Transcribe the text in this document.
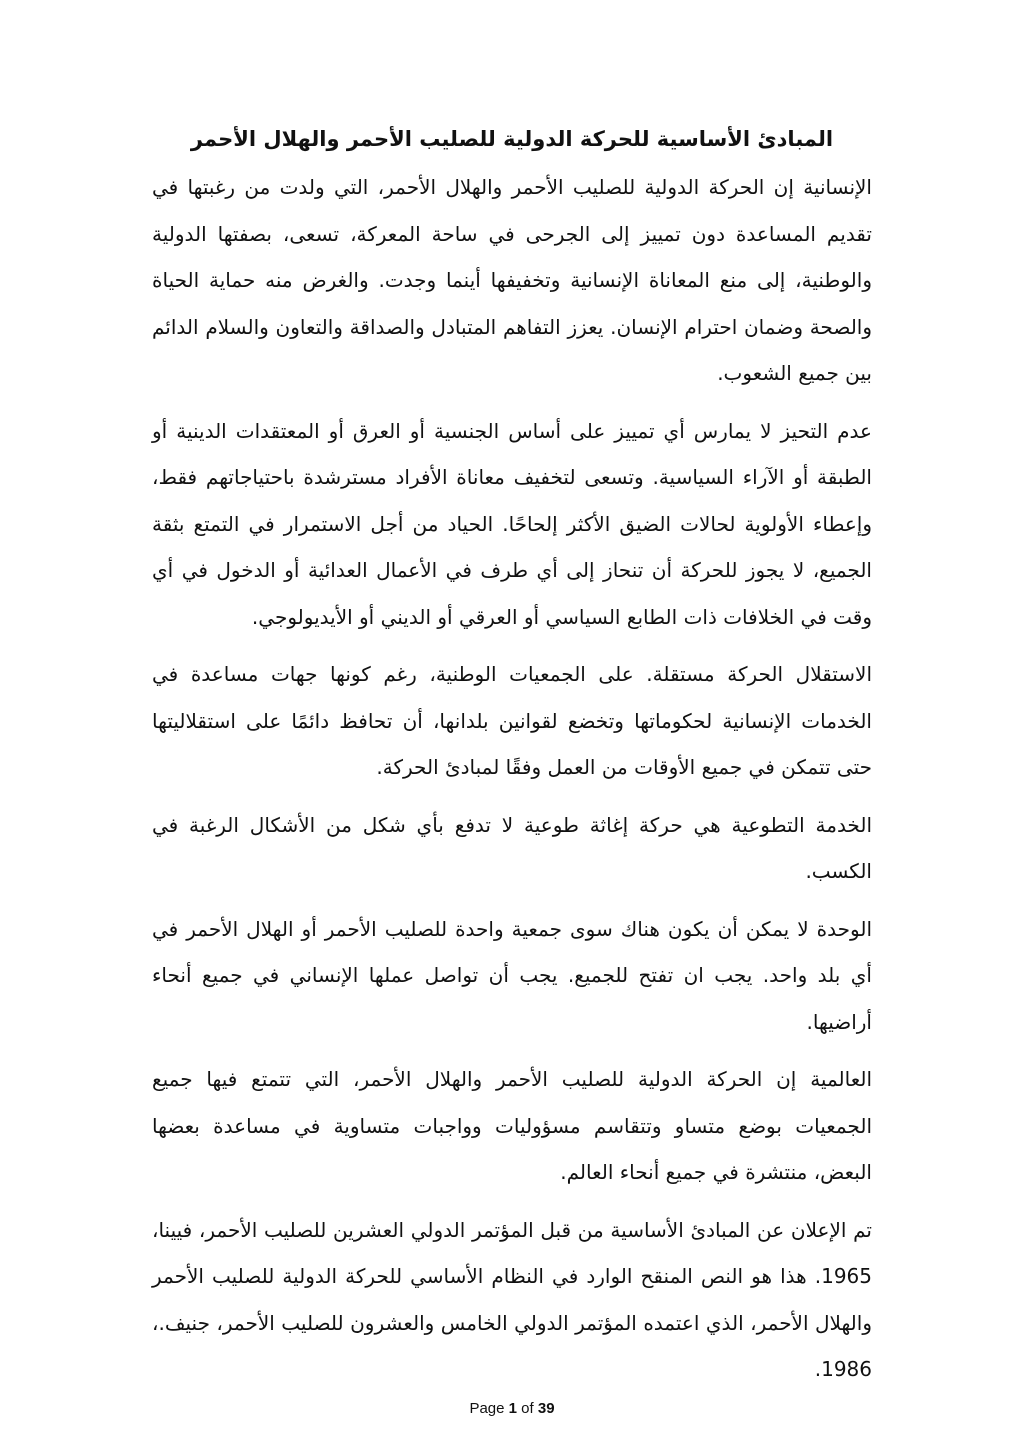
المبادئ الأساسية للحركة الدولية للصليب الأحمر والهلال الأحمر

الإنسانية إن الحركة الدولية للصليب الأحمر والهلال الأحمر، التي ولدت من رغبتها في تقديم المساعدة دون تمييز إلى الجرحى في ساحة المعركة، تسعى، بصفتها الدولية والوطنية، إلى منع المعاناة الإنسانية وتخفيفها أينما وجدت. والغرض منه حماية الحياة والصحة وضمان احترام الإنسان. يعزز التفاهم المتبادل والصداقة والتعاون والسلام الدائم بين جميع الشعوب.

عدم التحيز لا يمارس أي تمييز على أساس الجنسية أو العرق أو المعتقدات الدينية أو الطبقة أو الآراء السياسية. وتسعى لتخفيف معاناة الأفراد مسترشدة باحتياجاتهم فقط، وإعطاء الأولوية لحالات الضيق الأكثر إلحاحًا. الحياد من أجل الاستمرار في التمتع بثقة الجميع، لا يجوز للحركة أن تنحاز إلى أي طرف في الأعمال العدائية أو الدخول في أي وقت في الخلافات ذات الطابع السياسي أو العرقي أو الديني أو الأيديولوجي.

الاستقلال الحركة مستقلة. على الجمعيات الوطنية، رغم كونها جهات مساعدة في الخدمات الإنسانية لحكوماتها وتخضع لقوانين بلدانها، أن تحافظ دائمًا على استقلاليتها حتى تتمكن في جميع الأوقات من العمل وفقًا لمبادئ الحركة.

الخدمة التطوعية هي حركة إغاثة طوعية لا تدفع بأي شكل من الأشكال الرغبة في الكسب.

الوحدة لا يمكن أن يكون هناك سوى جمعية واحدة للصليب الأحمر أو الهلال الأحمر في أي بلد واحد. يجب ان تفتح للجميع. يجب أن تواصل عملها الإنساني في جميع أنحاء أراضيها.

العالمية إن الحركة الدولية للصليب الأحمر والهلال الأحمر، التي تتمتع فيها جميع الجمعيات بوضع متساو وتتقاسم مسؤوليات وواجبات متساوية في مساعدة بعضها البعض، منتشرة في جميع أنحاء العالم.

تم الإعلان عن المبادئ الأساسية من قبل المؤتمر الدولي العشرين للصليب الأحمر، فيينا، 1965. هذا هو النص المنقح الوارد في النظام الأساسي للحركة الدولية للصليب الأحمر والهلال الأحمر، الذي اعتمده المؤتمر الدولي الخامس والعشرون للصليب الأحمر، جنيف.، 1986.

Page 1 of 39
